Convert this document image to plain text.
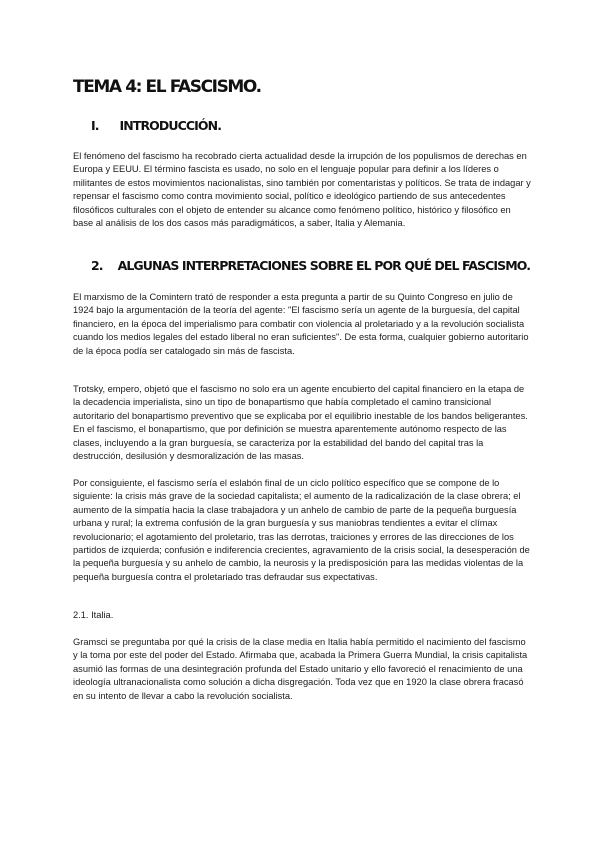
TEMA 4: EL FASCISMO.
I. INTRODUCCIÓN.

El fenómeno del fascismo ha recobrado cierta actualidad desde la irrupción de los populismos de derechas en Europa y EEUU. El término fascista es usado, no solo en el lenguaje popular para definir a los líderes o militantes de estos movimientos nacionalistas, sino también por comentaristas y políticos. Se trata de indagar y repensar el fascismo como contra movimiento social, político e ideológico partiendo de sus antecedentes filosóficos culturales con el objeto de entender su alcance como fenómeno político, histórico y filosófico en base al análisis de los dos casos más paradigmáticos, a saber, Italia y Alemania.

2. ALGUNAS INTERPRETACIONES SOBRE EL POR QUÉ DEL FASCISMO.

El marxismo de la Comintern trató de responder a esta pregunta a partir de su Quinto Congreso en julio de 1924 bajo la argumentación de la teoría del agente: "El fascismo sería un agente de la burguesía, del capital financiero, en la época del imperialismo para combatir con violencia al proletariado y a la revolución socialista cuando los medios legales del estado liberal no eran suficientes". De esta forma, cualquier gobierno autoritario de la época podía ser catalogado sin más de fascista.

Trotsky, empero, objetó que el fascismo no solo era un agente encubierto del capital financiero en la etapa de la decadencia imperialista, sino un tipo de bonapartismo que había completado el camino transicional autoritario del bonapartismo preventivo que se explicaba por el equilibrio inestable de los bandos beligerantes. En el fascismo, el bonapartismo, que por definición se muestra aparentemente autónomo respecto de las clases, incluyendo a la gran burguesía, se caracteriza por la estabilidad del bando del capital tras la destrucción, desilusión y desmoralización de las masas.

Por consiguiente, el fascismo sería el eslabón final de un ciclo político específico que se compone de lo siguiente: la crisis más grave de la sociedad capitalista; el aumento de la radicalización de la clase obrera; el aumento de la simpatía hacia la clase trabajadora y un anhelo de cambio de parte de la pequeña burguesía urbana y rural; la extrema confusión de la gran burguesía y sus maniobras tendientes a evitar el clímax revolucionario; el agotamiento del proletario, tras las derrotas, traiciones y errores de las direcciones de los partidos de izquierda; confusión e indiferencia crecientes, agravamiento de la crisis social, la desesperación de la pequeña burguesía y su anhelo de cambio, la neurosis y la predisposición para las medidas violentas de la pequeña burguesía contra el proletariado tras defraudar sus expectativas.

2.1. Italia.

Gramsci se preguntaba por qué la crisis de la clase media en Italia había permitido el nacimiento del fascismo y la toma por este del poder del Estado. Afirmaba que, acabada la Primera Guerra Mundial, la crisis capitalista asumió las formas de una desintegración profunda del Estado unitario y ello favoreció el renacimiento de una ideología ultranacionalista como solución a dicha disgregación. Toda vez que en 1920 la clase obrera fracasó en su intento de llevar a cabo la revolución socialista.
